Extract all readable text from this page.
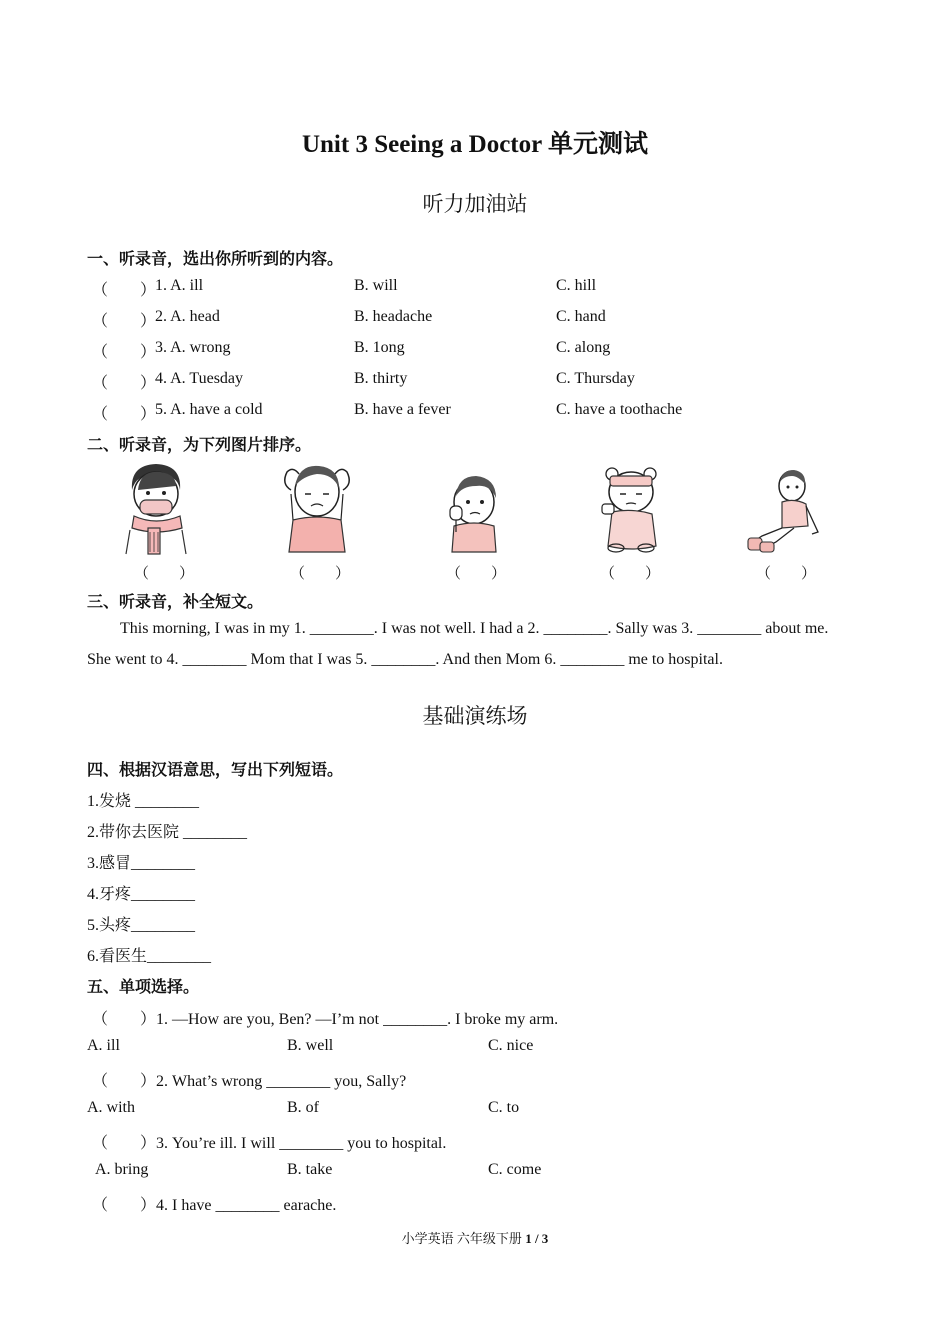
Unit 3 Seeing a Doctor 单元测试
听力加油站
一、听录音，选出你所听到的内容。
（　　）
1. A. ill	B. will	C. hill
（　　）
2. A. head	B. headache	C. hand
（　　）
3. A. wrong	B. 1ong	C. along
（　　）
4. A. Tuesday	B. thirty	C. Thursday
（　　）
5. A. have a cold	B. have a fever	C. have a toothache
二、听录音，为下列图片排序。
（　　）	（　　）	（　　）	（　　）	（　　）
三、听录音，补全短文。
This morning, I was in my 1. ________. I was not well. I had a 2. ________. Sally was 3. ________ about me.
She went to 4. ________ Mom that I was 5. ________. And then Mom 6. ________ me to hospital.
基础演练场
四、根据汉语意思，写出下列短语。
1.发烧 ________
2.带你去医院 ________
3.感冒________
4.牙疼________
5.头疼________
6.看医生________
五、单项选择。
（　　）1. —How are you, Ben? —I’m not ________. I broke my arm.
A. ill	B. well	C. nice
（　　）2. What’s wrong ________ you, Sally?
A. with	B. of	C. to
（　　）3. You’re ill. I will ________ you to hospital.
A. bring	B. take	C. come
（　　）4. I have ________ earache.
小学英语 六年级下册 1 / 3
